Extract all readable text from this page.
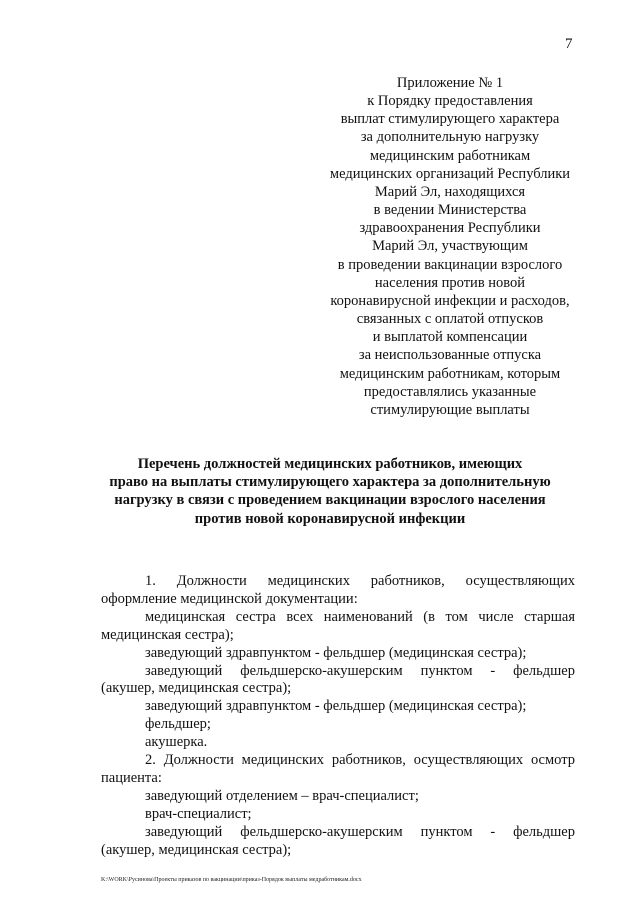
7
Приложение № 1
к Порядку предоставления
выплат стимулирующего характера
за дополнительную нагрузку
медицинским работникам
медицинских организаций Республики
Марий Эл, находящихся
в ведении Министерства
здравоохранения Республики
Марий Эл, участвующим
в проведении вакцинации взрослого
населения против новой
коронавирусной инфекции и расходов,
связанных с оплатой отпусков
и выплатой компенсации
за неиспользованные отпуска
медицинским работникам, которым
предоставлялись указанные
стимулирующие выплаты
Перечень должностей медицинских работников, имеющих
право на выплаты стимулирующего характера за дополнительную
нагрузку в связи с проведением вакцинации взрослого населения
против новой коронавирусной инфекции

1. Должности медицинских работников, осуществляющих оформление медицинской документации:

медицинская сестра всех наименований (в том числе старшая медицинская сестра);

заведующий здравпунктом - фельдшер (медицинская сестра);

заведующий фельдшерско-акушерским пунктом - фельдшер (акушер, медицинская сестра);

заведующий здравпунктом - фельдшер (медицинская сестра);

фельдшер;

акушерка.

2. Должности медицинских работников, осуществляющих осмотр пациента:

заведующий отделением – врач-специалист;

врач-специалист;

заведующий фельдшерско-акушерским пунктом - фельдшер (акушер, медицинская сестра);

K:\WORK\Русинова\Проекты приказов по вакцинации\приказ-Порядок выплаты медработникам.docx
